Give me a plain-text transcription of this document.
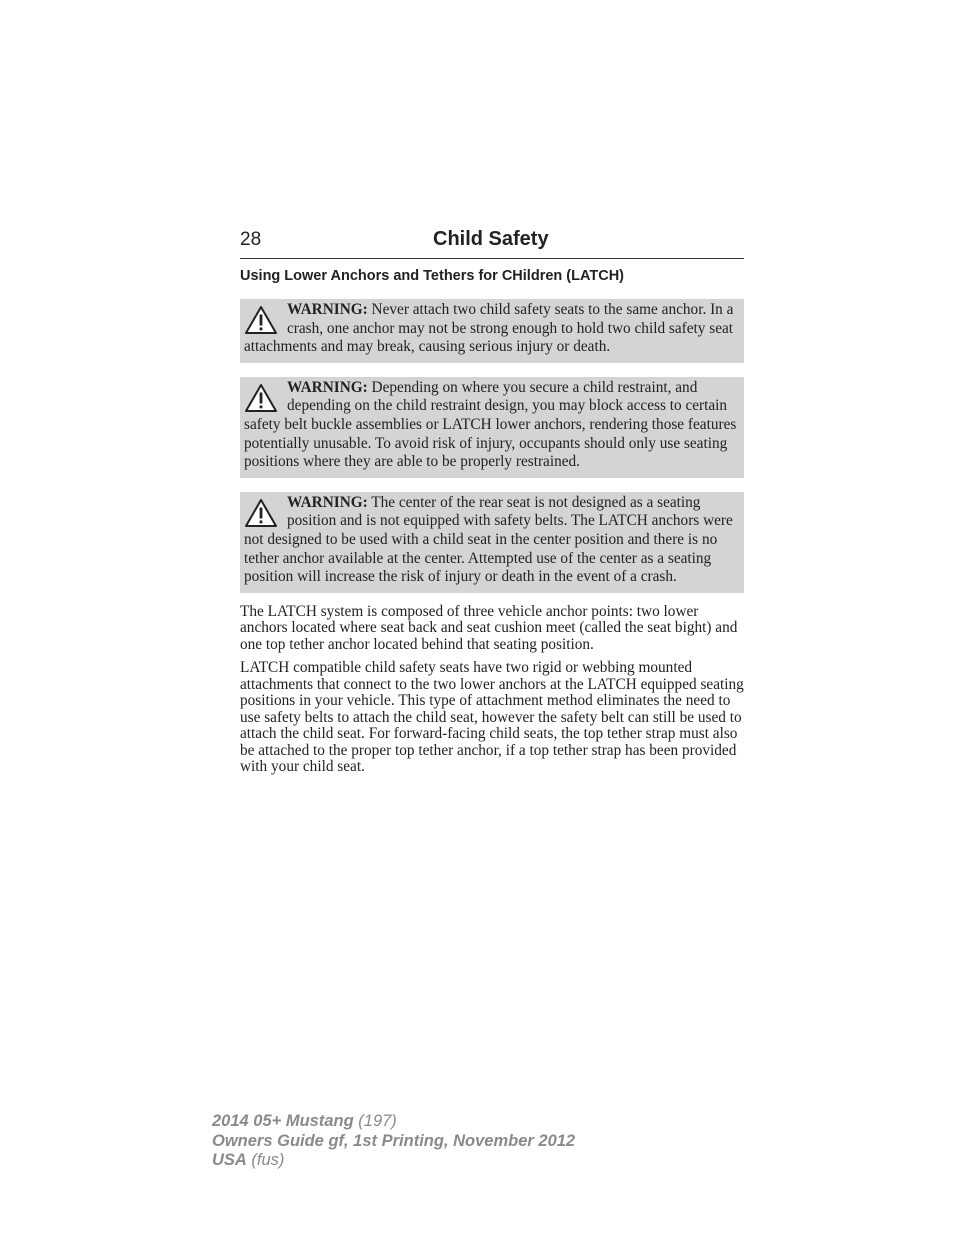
28	Child Safety
Using Lower Anchors and Tethers for CHildren (LATCH)
WARNING: Never attach two child safety seats to the same anchor. In a crash, one anchor may not be strong enough to hold two child safety seat attachments and may break, causing serious injury or death.
WARNING: Depending on where you secure a child restraint, and depending on the child restraint design, you may block access to certain safety belt buckle assemblies or LATCH lower anchors, rendering those features potentially unusable. To avoid risk of injury, occupants should only use seating positions where they are able to be properly restrained.
WARNING: The center of the rear seat is not designed as a seating position and is not equipped with safety belts. The LATCH anchors were not designed to be used with a child seat in the center position and there is no tether anchor available at the center. Attempted use of the center as a seating position will increase the risk of injury or death in the event of a crash.

The LATCH system is composed of three vehicle anchor points: two lower anchors located where seat back and seat cushion meet (called the seat bight) and one top tether anchor located behind that seating position.

LATCH compatible child safety seats have two rigid or webbing mounted attachments that connect to the two lower anchors at the LATCH equipped seating positions in your vehicle. This type of attachment method eliminates the need to use safety belts to attach the child seat, however the safety belt can still be used to attach the child seat. For forward-facing child seats, the top tether strap must also be attached to the proper top tether anchor, if a top tether strap has been provided with your child seat.

2014 05+ Mustang (197)
Owners Guide gf, 1st Printing, November 2012
USA (fus)
